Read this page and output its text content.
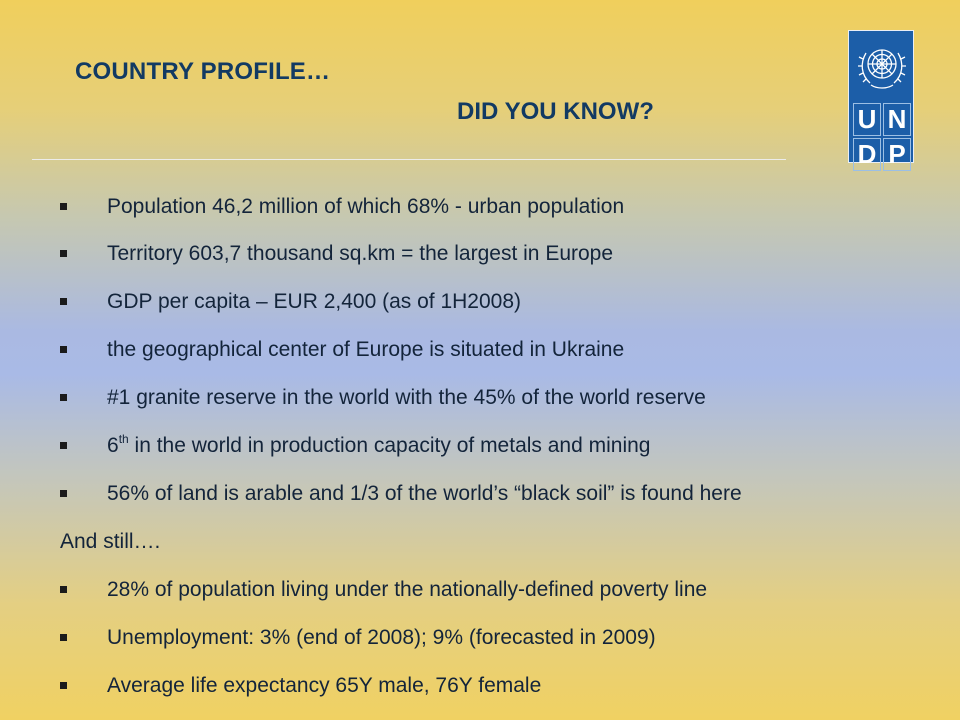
COUNTRY PROFILE…
DID YOU KNOW?	U N
D P
Population 46,2 million of which 68% - urban population
Territory 603,7 thousand sq.km = the largest in Europe
GDP per capita – EUR 2,400 (as of 1H2008)
the geographical center of Europe is situated in Ukraine
#1 granite reserve in the world with the 45% of the world reserve
6th in the world in production capacity of metals and mining
56% of land is arable and 1/3 of the world’s “black soil” is found here
And still….
28% of population living under the nationally-defined poverty line
Unemployment: 3% (end of 2008); 9% (forecasted in 2009)
Average life expectancy 65Y male, 76Y female
